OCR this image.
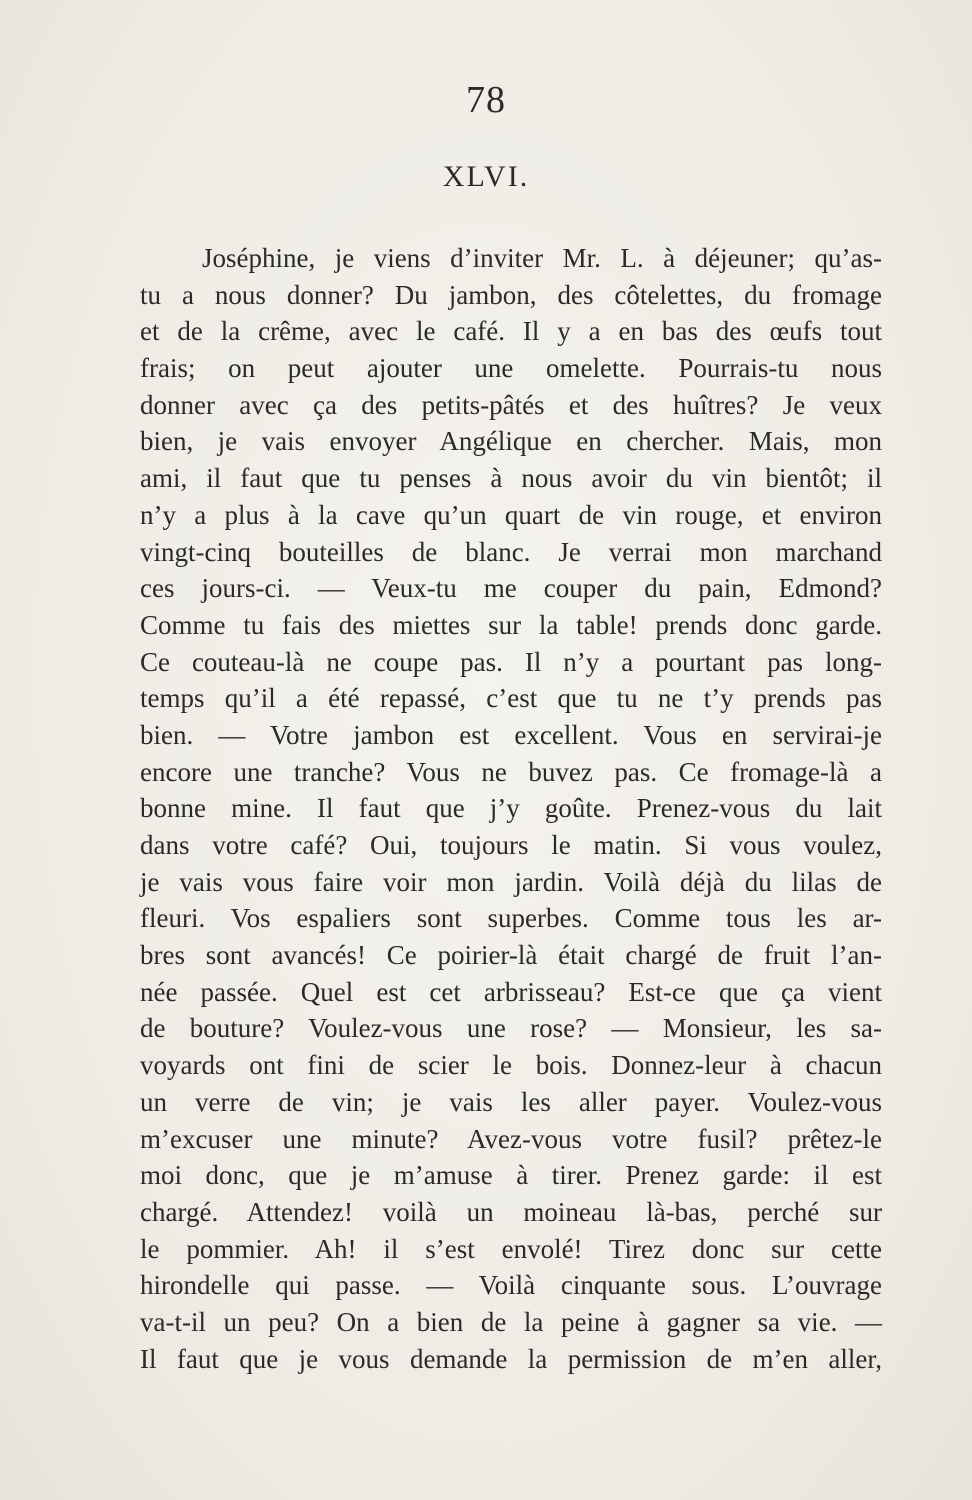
78
XLVI.
Joséphine, je viens d’inviter Mr. L. à déjeuner; qu’as-
tu a nous donner? Du jambon, des côtelettes, du fromage
et de la crême, avec le café. Il y a en bas des œufs tout
frais; on peut ajouter une omelette. Pourrais-tu nous
donner avec ça des petits-pâtés et des huîtres? Je veux
bien, je vais envoyer Angélique en chercher. Mais, mon
ami, il faut que tu penses à nous avoir du vin bientôt; il
n’y a plus à la cave qu’un quart de vin rouge, et environ
vingt-cinq bouteilles de blanc. Je verrai mon marchand
ces jours-ci. — Veux-tu me couper du pain, Edmond?
Comme tu fais des miettes sur la table! prends donc garde.
Ce couteau-là ne coupe pas. Il n’y a pourtant pas long-
temps qu’il a été repassé, c’est que tu ne t’y prends pas
bien. — Votre jambon est excellent. Vous en servirai-je
encore une tranche? Vous ne buvez pas. Ce fromage-là a
bonne mine. Il faut que j’y goûte. Prenez-vous du lait
dans votre café? Oui, toujours le matin. Si vous voulez,
je vais vous faire voir mon jardin. Voilà déjà du lilas de
fleuri. Vos espaliers sont superbes. Comme tous les ar-
bres sont avancés! Ce poirier-là était chargé de fruit l’an-
née passée. Quel est cet arbrisseau? Est-ce que ça vient
de bouture? Voulez-vous une rose? — Monsieur, les sa-
voyards ont fini de scier le bois. Donnez-leur à chacun
un verre de vin; je vais les aller payer. Voulez-vous
m’excuser une minute? Avez-vous votre fusil? prêtez-le
moi donc, que je m’amuse à tirer. Prenez garde: il est
chargé. Attendez! voilà un moineau là-bas, perché sur
le pommier. Ah! il s’est envolé! Tirez donc sur cette
hirondelle qui passe. — Voilà cinquante sous. L’ouvrage
va-t-il un peu? On a bien de la peine à gagner sa vie. —
Il faut que je vous demande la permission de m’en aller,
